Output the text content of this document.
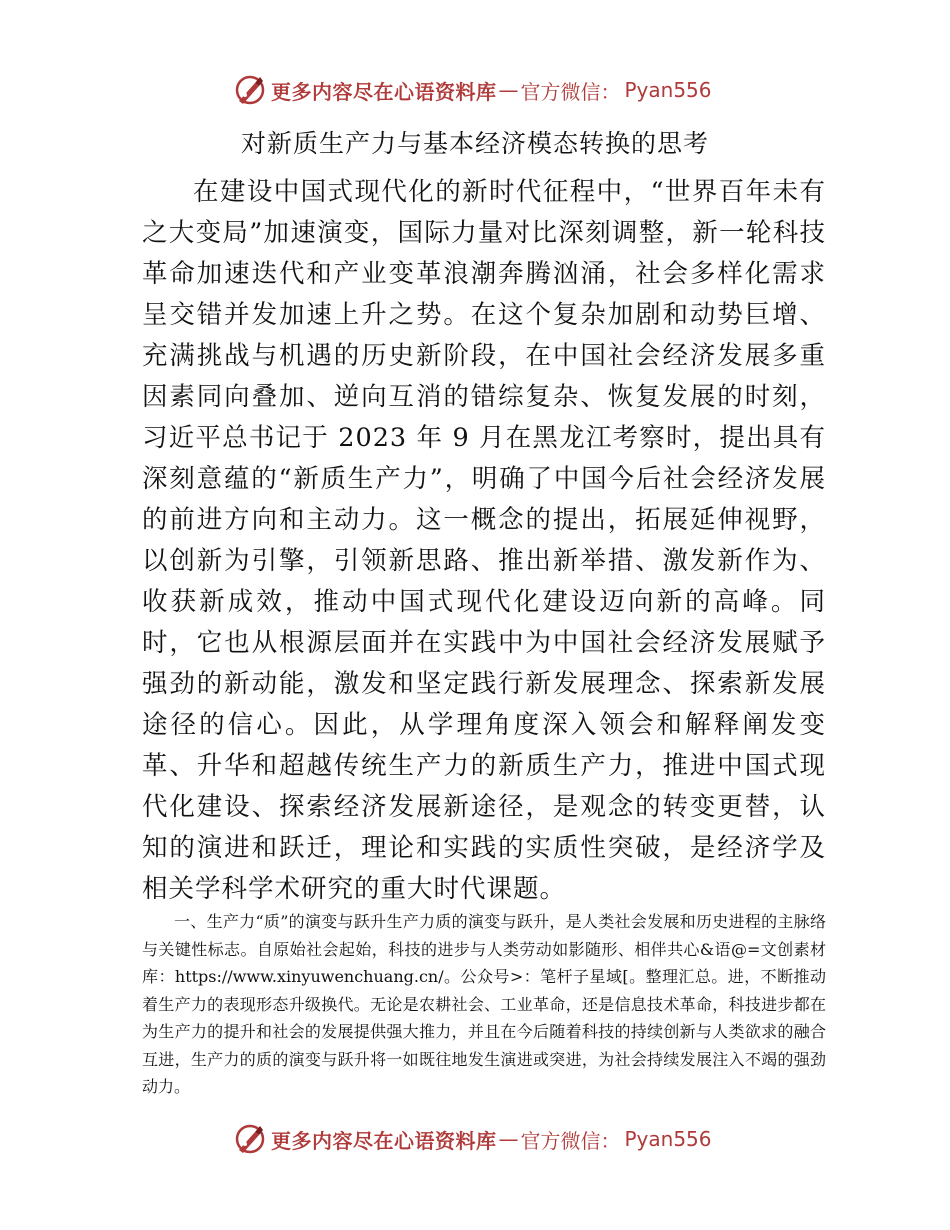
更多内容尽在心语资料库 — 官方微信： Pyan556
对新质生产力与基本经济模态转换的思考

在建设中国式现代化的新时代征程中，“世界百年未有之大变局”加速演变，国际力量对比深刻调整，新一轮科技革命加速迭代和产业变革浪潮奔腾汹涌，社会多样化需求呈交错并发加速上升之势。在这个复杂加剧和动势巨增、充满挑战与机遇的历史新阶段，在中国社会经济发展多重因素同向叠加、逆向互消的错综复杂、恢复发展的时刻，习近平总书记于 2023 年 9 月在黑龙江考察时，提出具有深刻意蕴的“新质生产力”，明确了中国今后社会经济发展的前进方向和主动力。这一概念的提出，拓展延伸视野，以创新为引擎，引领新思路、推出新举措、激发新作为、收获新成效，推动中国式现代化建设迈向新的高峰。同时，它也从根源层面并在实践中为中国社会经济发展赋予强劲的新动能，激发和坚定践行新发展理念、探索新发展途径的信心。因此，从学理角度深入领会和解释阐发变革、升华和超越传统生产力的新质生产力，推进中国式现代化建设、探索经济发展新途径，是观念的转变更替，认知的演进和跃迁，理论和实践的实质性突破，是经济学及相关学科学术研究的重大时代课题。

一、生产力“质”的演变与跃升生产力质的演变与跃升，是人类社会发展和历史进程的主脉络与关键性标志。自原始社会起始，科技的进步与人类劳动如影随形、相伴共心&语@=文创素材库：https://www.xinyuwenchuang.cn/。公众号>：笔杆子星域[。整理汇总。进，不断推动着生产力的表现形态升级换代。无论是农耕社会、工业革命，还是信息技术革命，科技进步都在为生产力的提升和社会的发展提供强大推力，并且在今后随着科技的持续创新与人类欲求的融合互进，生产力的质的演变与跃升将一如既往地发生演进或突进，为社会持续发展注入不竭的强劲动力。

更多内容尽在心语资料库 — 官方微信： Pyan556
